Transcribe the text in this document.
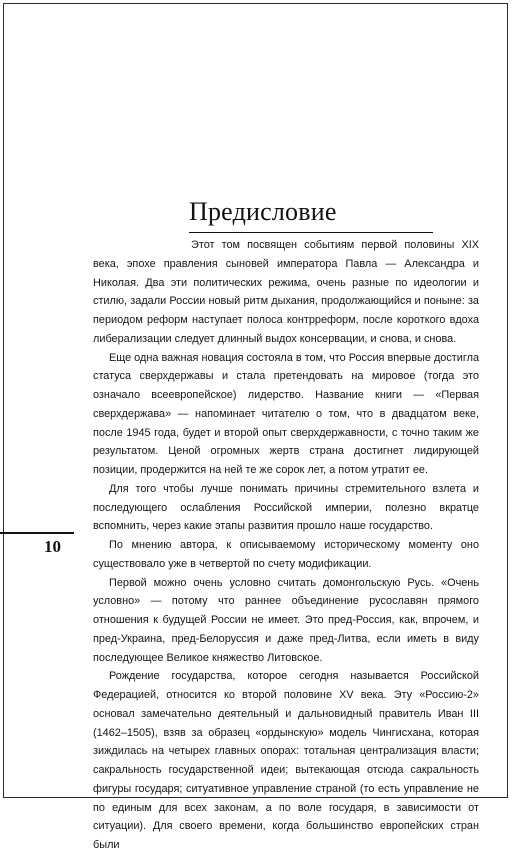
Предисловие

Этот том посвящен событиям первой половины XIX века, эпохе правления сыновей императора Павла — Александра и Николая. Два эти политических режима, очень разные по идеологии и стилю, задали России новый ритм дыхания, продолжающийся и поныне: за периодом реформ наступает полоса контрреформ, после короткого вдоха либерализации следует длинный выдох консервации, и снова, и снова.

Еще одна важная новация состояла в том, что Россия впервые достигла статуса сверхдержавы и стала претендовать на мировое (тогда это означало всеевропейское) лидерство. Название книги — «Первая сверхдержава» — напоминает читателю о том, что в двадцатом веке, после 1945 года, будет и второй опыт сверхдержавности, с точно таким же результатом. Ценой огромных жертв страна достигнет лидирующей позиции, продержится на ней те же сорок лет, а потом утратит ее.

Для того чтобы лучше понимать причины стремительного взлета и последующего ослабления Российской империи, полезно вкратце вспомнить, через какие этапы развития прошло наше государство.

По мнению автора, к описываемому историческому моменту оно существовало уже в четвертой по счету модификации.

Первой можно очень условно считать домонгольскую Русь. «Очень условно» — потому что раннее объединение русославян прямого отношения к будущей России не имеет. Это пред-Россия, как, впрочем, и пред-Украина, пред-Белоруссия и даже пред-Литва, если иметь в виду последующее Великое княжество Литовское.

Рождение государства, которое сегодня называется Российской Федерацией, относится ко второй половине XV века. Эту «Россию-2» основал замечательно деятельный и дальновидный правитель Иван III (1462–1505), взяв за образец «ордынскую» модель Чингисхана, которая зиждилась на четырех главных опорах: тотальная централизация власти; сакральность государственной идеи; вытекающая отсюда сакральность фигуры государя; ситуативное управление страной (то есть управление не по единым для всех законам, а по воле государя, в зависимости от ситуации). Для своего времени, когда большинство европейских стран были

10
